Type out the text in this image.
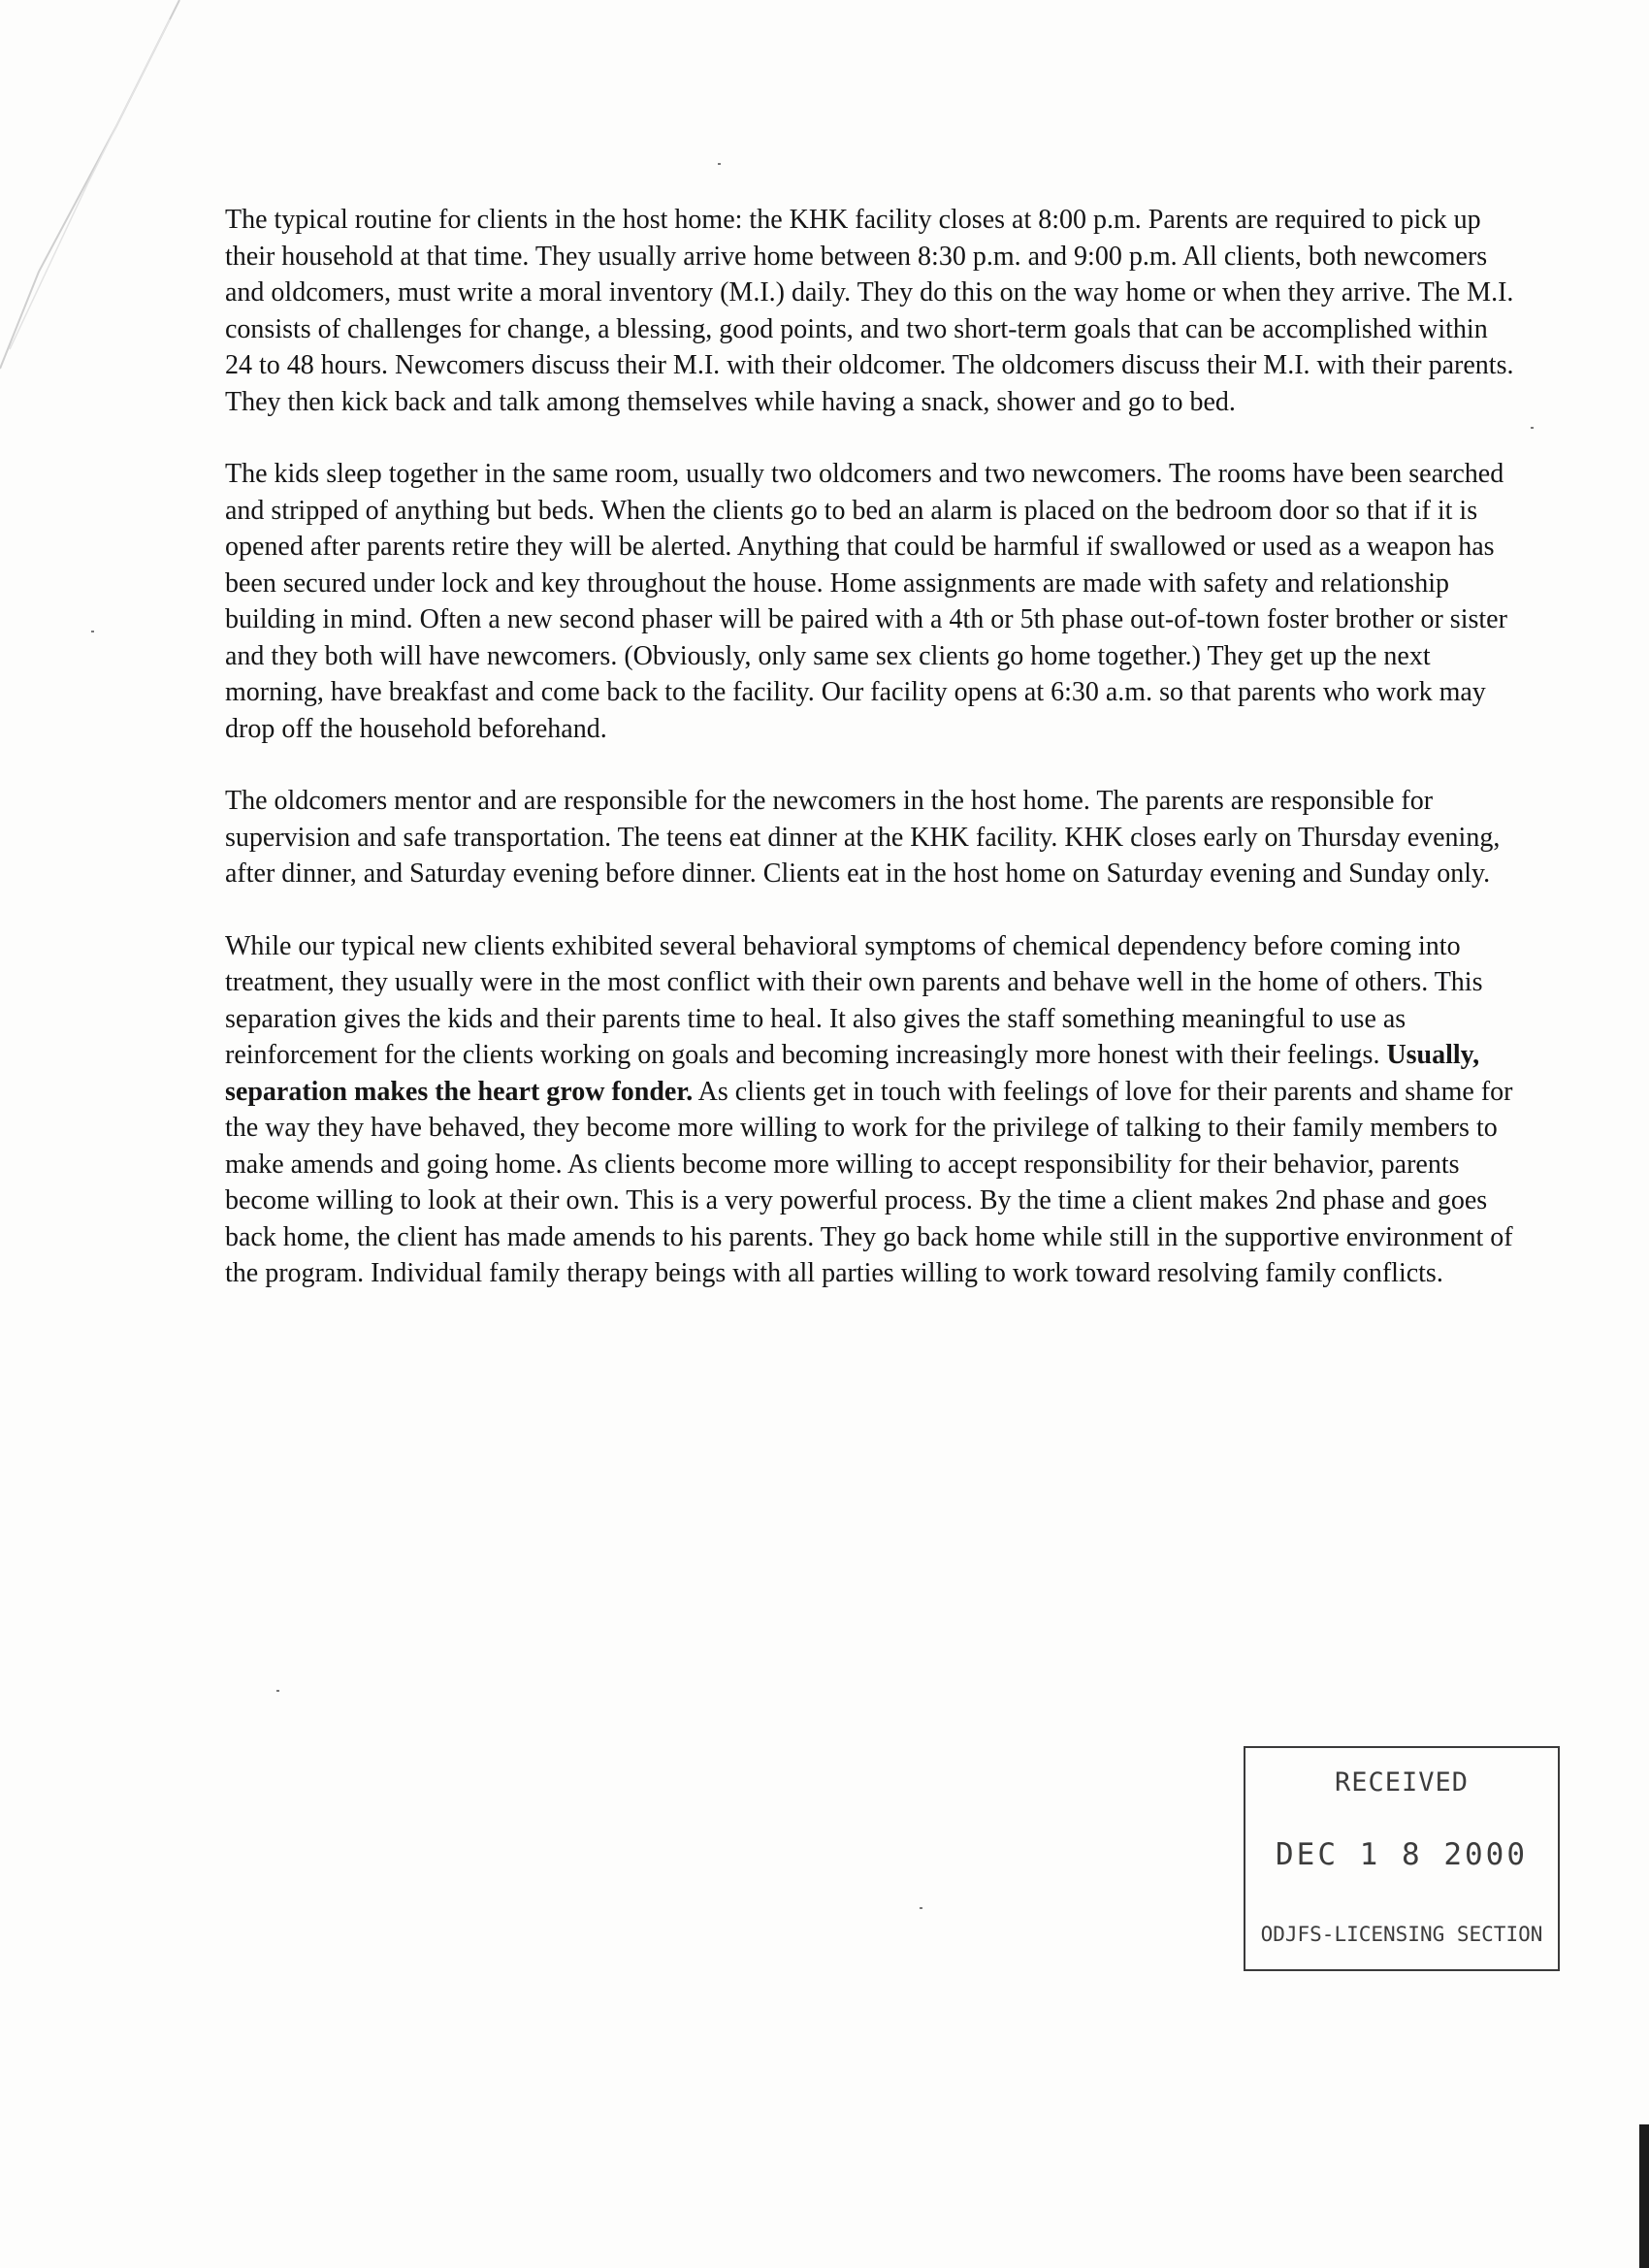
The typical routine for clients in the host home: the KHK facility closes at 8:00 p.m. Parents are required to pick up their household at that time. They usually arrive home between 8:30 p.m. and 9:00 p.m. All clients, both newcomers and oldcomers, must write a moral inventory (M.I.) daily. They do this on the way home or when they arrive. The M.I. consists of challenges for change, a blessing, good points, and two short-term goals that can be accomplished within 24 to 48 hours. Newcomers discuss their M.I. with their oldcomer. The oldcomers discuss their M.I. with their parents. They then kick back and talk among themselves while having a snack, shower and go to bed.

The kids sleep together in the same room, usually two oldcomers and two newcomers. The rooms have been searched and stripped of anything but beds. When the clients go to bed an alarm is placed on the bedroom door so that if it is opened after parents retire they will be alerted. Anything that could be harmful if swallowed or used as a weapon has been secured under lock and key throughout the house. Home assignments are made with safety and relationship building in mind. Often a new second phaser will be paired with a 4th or 5th phase out-of-town foster brother or sister and they both will have newcomers. (Obviously, only same sex clients go home together.) They get up the next morning, have breakfast and come back to the facility. Our facility opens at 6:30 a.m. so that parents who work may drop off the household beforehand.

The oldcomers mentor and are responsible for the newcomers in the host home. The parents are responsible for supervision and safe transportation. The teens eat dinner at the KHK facility. KHK closes early on Thursday evening, after dinner, and Saturday evening before dinner. Clients eat in the host home on Saturday evening and Sunday only.

While our typical new clients exhibited several behavioral symptoms of chemical dependency before coming into treatment, they usually were in the most conflict with their own parents and behave well in the home of others. This separation gives the kids and their parents time to heal. It also gives the staff something meaningful to use as reinforcement for the clients working on goals and becoming increasingly more honest with their feelings. Usually, separation makes the heart grow fonder. As clients get in touch with feelings of love for their parents and shame for the way they have behaved, they become more willing to work for the privilege of talking to their family members to make amends and going home. As clients become more willing to accept responsibility for their behavior, parents become willing to look at their own. This is a very powerful process. By the time a client makes 2nd phase and goes back home, the client has made amends to his parents. They go back home while still in the supportive environment of the program. Individual family therapy beings with all parties willing to work toward resolving family conflicts.

RECEIVED
DEC 1 8 2000
ODJFS-LICENSING SECTION
